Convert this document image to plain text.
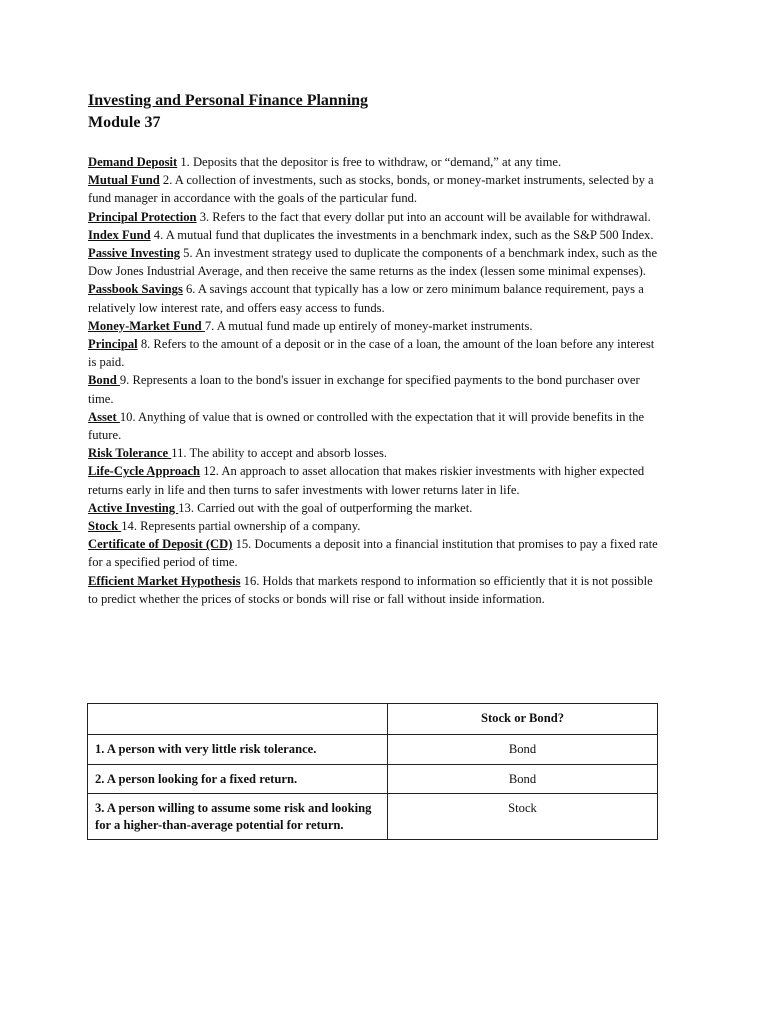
Investing and Personal Finance Planning
Module 37

Demand Deposit 1. Deposits that the depositor is free to withdraw, or “demand,” at any time.

Mutual Fund 2. A collection of investments, such as stocks, bonds, or money-market instruments, selected by a fund manager in accordance with the goals of the particular fund.

Principal Protection 3. Refers to the fact that every dollar put into an account will be available for withdrawal.

Index Fund 4. A mutual fund that duplicates the investments in a benchmark index, such as the S&P 500 Index.

Passive Investing 5. An investment strategy used to duplicate the components of a benchmark index, such as the Dow Jones Industrial Average, and then receive the same returns as the index (lessen some minimal expenses).

Passbook Savings 6. A savings account that typically has a low or zero minimum balance requirement, pays a relatively low interest rate, and offers easy access to funds.

Money-Market Fund 7. A mutual fund made up entirely of money-market instruments.

Principal 8. Refers to the amount of a deposit or in the case of a loan, the amount of the loan before any interest is paid.

Bond 9. Represents a loan to the bond's issuer in exchange for specified payments to the bond purchaser over time.

Asset 10. Anything of value that is owned or controlled with the expectation that it will provide benefits in the future.

Risk Tolerance 11. The ability to accept and absorb losses.

Life-Cycle Approach 12. An approach to asset allocation that makes riskier investments with higher expected returns early in life and then turns to safer investments with lower returns later in life.

Active Investing 13. Carried out with the goal of outperforming the market.

Stock 14. Represents partial ownership of a company.

Certificate of Deposit (CD) 15. Documents a deposit into a financial institution that promises to pay a fixed rate for a specified period of time.

Efficient Market Hypothesis 16. Holds that markets respond to information so efficiently that it is not possible to predict whether the prices of stocks or bonds will rise or fall without inside information.

	Stock or Bond?
1. A person with very little risk tolerance.	Bond
2. A person looking for a fixed return.	Bond
3. A person willing to assume some risk and looking for a higher-than-average potential for return.	Stock
